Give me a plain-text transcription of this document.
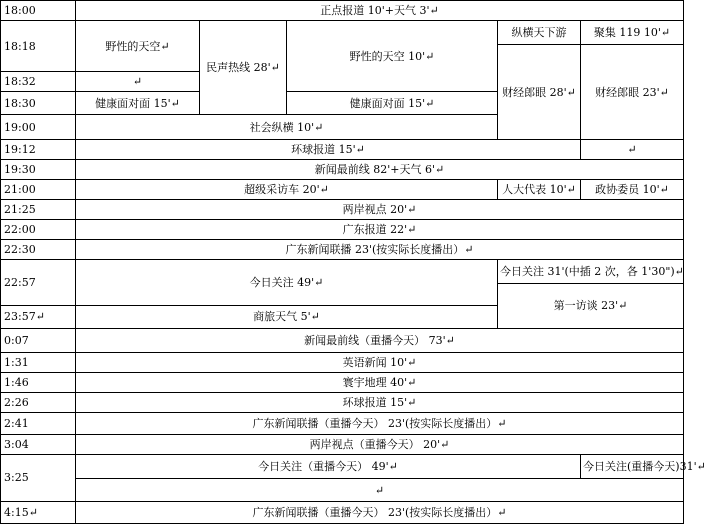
18:00	正点报道 10'+天气 3'↵				
18:18	野性的天空↵	民声热线 28'↵	野性的天空 10'↵	纵横天下游	聚集 119 10'↵
				财经郎眼 28'↵	财经郎眼 23'↵
18:32	↵				
18:30	健康面对面 15'↵		健康面对面 15'↵		
19:00	社会纵横 10'↵				
19:12	环球报道 15'↵				↵
19:30	新闻最前线 82'+天气 6'↵				
21:00	超级采访车 20'↵			人大代表 10'↵	政协委员 10'↵
21:25	两岸视点 20'↵				
22:00	广东报道 22'↵				
22:30	广东新闻联播 23'(按实际长度播出）↵				
22:57	今日关注 49'↵			今日关注 31'(中插 2 次，各 1'30")↵	
				第一访谈 23'↵	
23:57↵	商旅天气 5'↵				
0:07	新闻最前线（重播今天） 73'↵				
1:31	英语新闻 10'↵				
1:46	寰宇地理 40'↵				
2:26	环球报道 15'↵				
2:41	广东新闻联播（重播今天） 23'(按实际长度播出）↵				
3:04	两岸视点（重播今天） 20'↵				
3:25	今日关注（重播今天） 49'↵				今日关注(重播今天)31'↵
	↵				
4:15↵	广东新闻联播（重播今天） 23'(按实际长度播出）↵				
